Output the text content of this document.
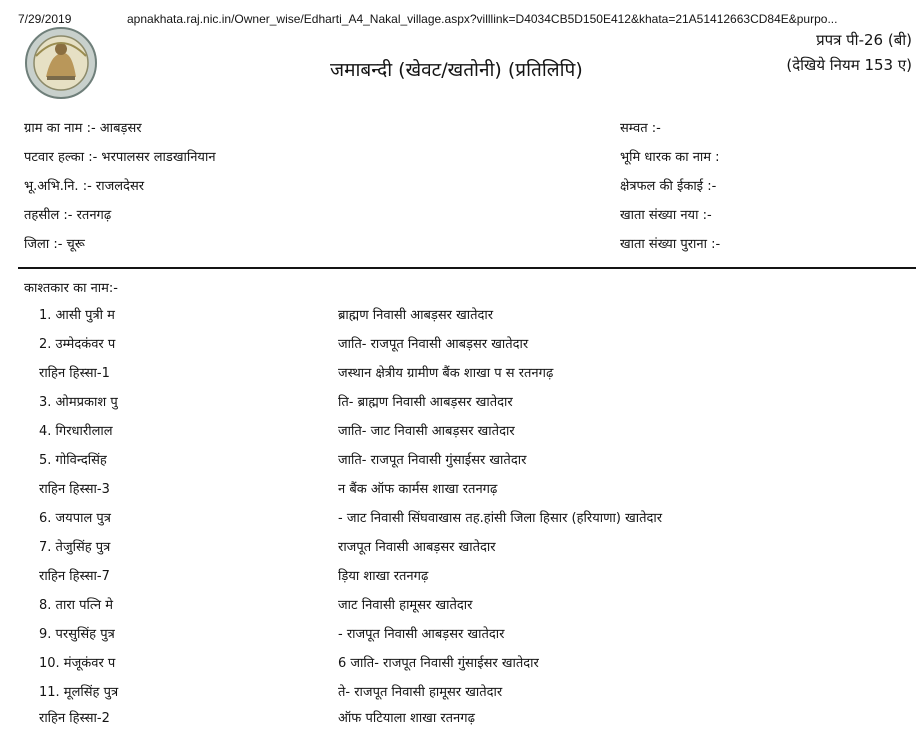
7/29/2019	apnakhata.raj.nic.in/Owner_wise/Edharti_A4_Nakal_village.aspx?villlink=D4034CB5D150E412&khata=21A51412663CD84E&purpo...
प्रपत्र पी-26 (बी)
(देखिये नियम 153 ए)
जमाबन्दी (खेवट/खतोनी) (प्रतिलिपि)
ग्राम का नाम :- आबड़सर
पटवार हल्का :- भरपालसर लाडखानियान
भू.अभि.नि. :- राजलदेसर
तहसील :- रतनगढ़
जिला :- चूरू
सम्वत :-
भूमि धारक का नाम :
क्षेत्रफल की ईकाई :-
खाता संख्या नया :-
खाता संख्या पुराना :-
काश्तकार का नाम:-
1. आसी पुत्री म	ब्राह्मण निवासी आबड़सर खातेदार
2. उम्मेदकंवर प	जाति- राजपूत निवासी आबड़सर खातेदार
राहिन हिस्सा-1	जस्थान क्षेत्रीय ग्रामीण बैंक शाखा प स रतनगढ़
3. ओमप्रकाश पु	ति- ब्राह्मण निवासी आबड़सर खातेदार
4. गिरधारीलाल	जाति- जाट निवासी आबड़सर खातेदार
5. गोविन्दसिंह	जाति- राजपूत निवासी गुंसाईसर खातेदार
राहिन हिस्सा-3	न बैंक ऑफ कार्मस शाखा रतनगढ़
6. जयपाल पुत्र	- जाट निवासी सिंघवाखास तह.हांसी जिला हिसार (हरियाणा) खातेदार
7. तेजुसिंह पुत्र	राजपूत निवासी आबड़सर खातेदार
राहिन हिस्सा-7	ड़िया शाखा रतनगढ़
8. तारा पत्नि मे	जाट निवासी हामूसर खातेदार
9. परसुसिंह पुत्र	- राजपूत निवासी आबड़सर खातेदार
10. मंजूकंवर प	6 जाति- राजपूत निवासी गुंसाईसर खातेदार
11. मूलसिंह पुत्र	ते- राजपूत निवासी हामूसर खातेदार
राहिन हिस्सा-2	ऑफ पटियाला शाखा रतनगढ़
